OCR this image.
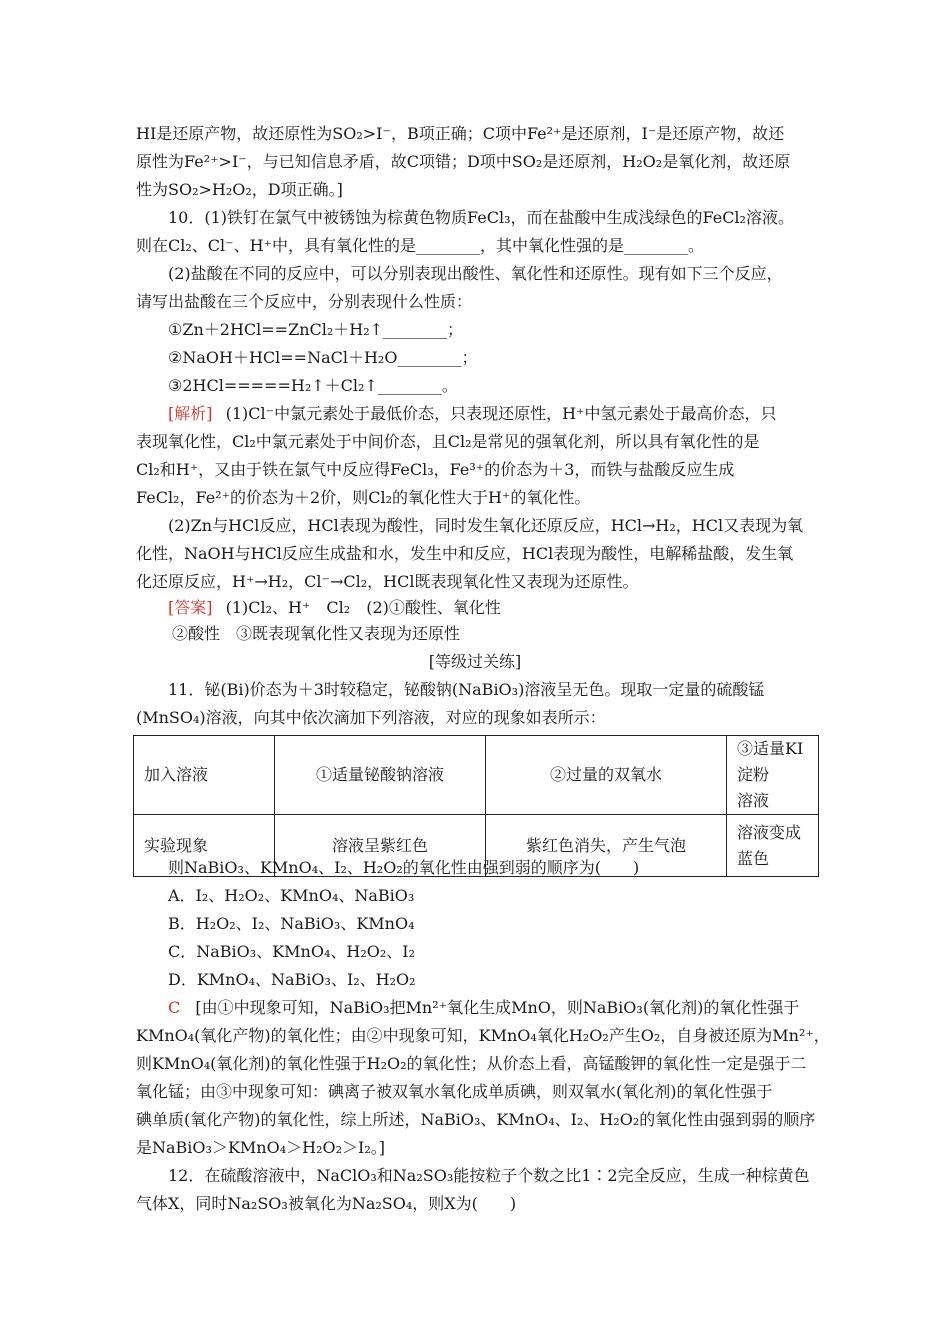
HI是还原产物，故还原性为SO₂>I⁻，B项正确；C项中Fe²⁺是还原剂，I⁻是还原产物，故还
原性为Fe²⁺>I⁻，与已知信息矛盾，故C项错；D项中SO₂是还原剂，H₂O₂是氧化剂，故还原
性为SO₂>H₂O₂，D项正确。]
10．(1)铁钉在氯气中被锈蚀为棕黄色物质FeCl₃，而在盐酸中生成浅绿色的FeCl₂溶液。
则在Cl₂、Cl⁻、H⁺中，具有氧化性的是________，其中氧化性强的是________。
(2)盐酸在不同的反应中，可以分别表现出酸性、氧化性和还原性。现有如下三个反应，
请写出盐酸在三个反应中，分别表现什么性质：
①Zn＋2HCl==ZnCl₂＋H₂↑________；
②NaOH＋HCl==NaCl＋H₂O________；
③2HCl=====H₂↑＋Cl₂↑________。
[解析] (1)Cl⁻中氯元素处于最低价态，只表现还原性，H⁺中氢元素处于最高价态，只
表现氧化性，Cl₂中氯元素处于中间价态，且Cl₂是常见的强氧化剂，所以具有氧化性的是
Cl₂和H⁺，又由于铁在氯气中反应得FeCl₃，Fe³⁺的价态为＋3，而铁与盐酸反应生成
FeCl₂，Fe²⁺的价态为＋2价，则Cl₂的氧化性大于H⁺的氧化性。
(2)Zn与HCl反应，HCl表现为酸性，同时发生氧化还原反应，HCl→H₂，HCl又表现为氧
化性，NaOH与HCl反应生成盐和水，发生中和反应，HCl表现为酸性，电解稀盐酸，发生氧
化还原反应，H⁺→H₂，Cl⁻→Cl₂，HCl既表现氧化性又表现为还原性。
[答案] (1)Cl₂、H⁺　Cl₂　(2)①酸性、氧化性
②酸性　③既表现氧化性又表现为还原性
[等级过关练]
11．铋(Bi)价态为＋3时较稳定，铋酸钠(NaBiO₃)溶液呈无色。现取一定量的硫酸锰
(MnSO₄)溶液，向其中依次滴加下列溶液，对应的现象如表所示：
加入溶液	①适量铋酸钠溶液	②过量的双氧水	③适量KI淀粉
溶液

实验现象	溶液呈紫红色	紫红色消失，产生气泡	溶液变成蓝色
则NaBiO₃、KMnO₄、I₂、H₂O₂的氧化性由强到弱的顺序为(　　)
A．I₂、H₂O₂、KMnO₄、NaBiO₃
B．H₂O₂、I₂、NaBiO₃、KMnO₄
C．NaBiO₃、KMnO₄、H₂O₂、I₂
D．KMnO₄、NaBiO₃、I₂、H₂O₂
C [由①中现象可知，NaBiO₃把Mn²⁺氧化生成MnO，则NaBiO₃(氧化剂)的氧化性强于
KMnO₄(氧化产物)的氧化性；由②中现象可知，KMnO₄氧化H₂O₂产生O₂，自身被还原为Mn²⁺，
则KMnO₄(氧化剂)的氧化性强于H₂O₂的氧化性；从价态上看，高锰酸钾的氧化性一定是强于二
氧化锰；由③中现象可知：碘离子被双氧水氧化成单质碘，则双氧水(氧化剂)的氧化性强于
碘单质(氧化产物)的氧化性，综上所述，NaBiO₃、KMnO₄、I₂、H₂O₂的氧化性由强到弱的顺序
是NaBiO₃＞KMnO₄＞H₂O₂＞I₂。]
12．在硫酸溶液中，NaClO₃和Na₂SO₃能按粒子个数之比1∶2完全反应，生成一种棕黄色
气体X，同时Na₂SO₃被氧化为Na₂SO₄，则X为(　　)
